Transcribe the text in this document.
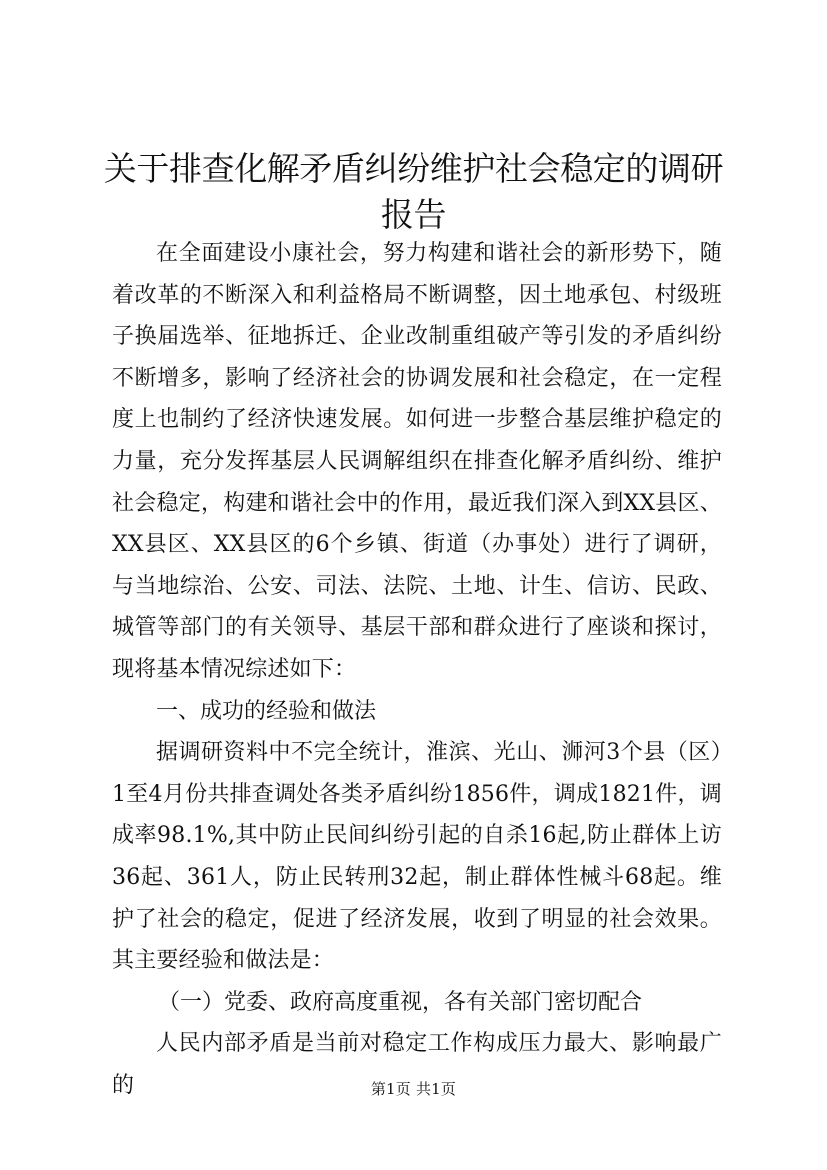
关于排查化解矛盾纠纷维护社会稳定的调研报告

在全面建设小康社会，努力构建和谐社会的新形势下，随着改革的不断深入和利益格局不断调整，因土地承包、村级班子换届选举、征地拆迁、企业改制重组破产等引发的矛盾纠纷不断增多，影响了经济社会的协调发展和社会稳定，在一定程度上也制约了经济快速发展。如何进一步整合基层维护稳定的力量，充分发挥基层人民调解组织在排查化解矛盾纠纷、维护社会稳定，构建和谐社会中的作用，最近我们深入到XX县区、XX县区、XX县区的6个乡镇、街道（办事处）进行了调研，与当地综治、公安、司法、法院、土地、计生、信访、民政、城管等部门的有关领导、基层干部和群众进行了座谈和探讨，现将基本情况综述如下：

一、成功的经验和做法

据调研资料中不完全统计，淮滨、光山、浉河3个县（区）1至4月份共排查调处各类矛盾纠纷1856件，调成1821件，调成率98.1%,其中防止民间纠纷引起的自杀16起,防止群体上访36起、361人，防止民转刑32起，制止群体性械斗68起。维护了社会的稳定，促进了经济发展，收到了明显的社会效果。其主要经验和做法是：

（一）党委、政府高度重视，各有关部门密切配合

人民内部矛盾是当前对稳定工作构成压力最大、影响最广的	第1页 共1页
